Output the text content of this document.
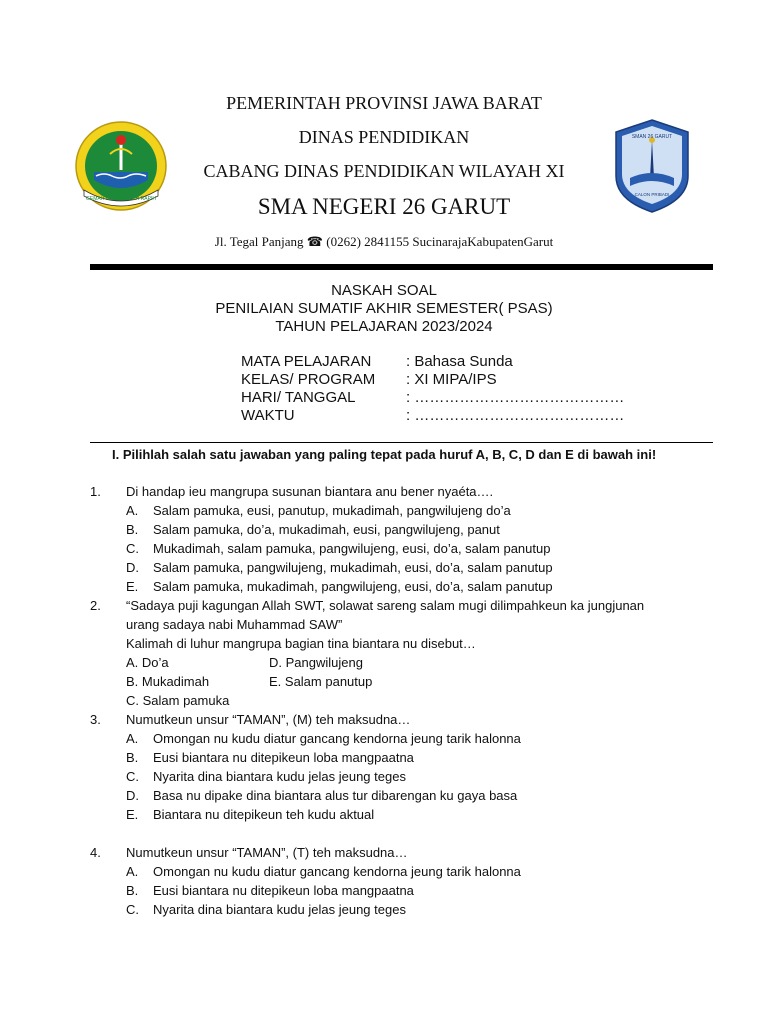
GEMAH RIPAH REPEH RAPIH
SMAN 26 GARUT
CALON PRIBADI
PEMERINTAH PROVINSI JAWA BARAT
DINAS PENDIDIKAN
CABANG DINAS PENDIDIKAN WILAYAH XI
SMA NEGERI 26 GARUT
Jl. Tegal Panjang ☎ (0262) 2841155 SucinarajaKabupatenGarut
NASKAH SOAL
PENILAIAN SUMATIF AKHIR SEMESTER( PSAS)
TAHUN PELAJARAN 2023/2024
MATA PELAJARAN : Bahasa Sunda
KELAS/ PROGRAM : XI MIPA/IPS
HARI/ TANGGAL	: ……………………………………
WAKTU	: ……………………………………
I. Pilihlah salah satu jawaban yang paling tepat pada huruf A, B, C, D dan E di bawah ini!
1. Di handap ieu mangrupa susunan biantara anu bener nyaéta….
A. Salam pamuka, eusi, panutup, mukadimah, pangwilujeng do’a
B. Salam pamuka, do’a, mukadimah, eusi, pangwilujeng, panut
C. Mukadimah, salam pamuka, pangwilujeng, eusi, do’a, salam panutup
D. Salam pamuka, pangwilujeng, mukadimah, eusi, do’a, salam panutup
E. Salam pamuka, mukadimah, pangwilujeng, eusi, do’a, salam panutup
2. “Sadaya puji kagungan Allah SWT, solawat sareng salam mugi dilimpahkeun ka jungjunan
urang sadaya nabi Muhammad SAW”
Kalimah di luhur mangrupa bagian tina biantara nu disebut…
A. Do’a	D. Pangwilujeng
B. Mukadimah	E. Salam panutup
C. Salam pamuka
3. Numutkeun unsur “TAMAN”, (M) teh maksudna…
A. Omongan nu kudu diatur gancang kendorna jeung tarik halonna
B. Eusi biantara nu ditepikeun loba mangpaatna
C. Nyarita dina biantara kudu jelas jeung teges
D. Basa nu dipake dina biantara alus tur dibarengan ku gaya basa
E. Biantara nu ditepikeun teh kudu aktual
4. Numutkeun unsur “TAMAN”, (T) teh maksudna…
A. Omongan nu kudu diatur gancang kendorna jeung tarik halonna
B. Eusi biantara nu ditepikeun loba mangpaatna
C. Nyarita dina biantara kudu jelas jeung teges
